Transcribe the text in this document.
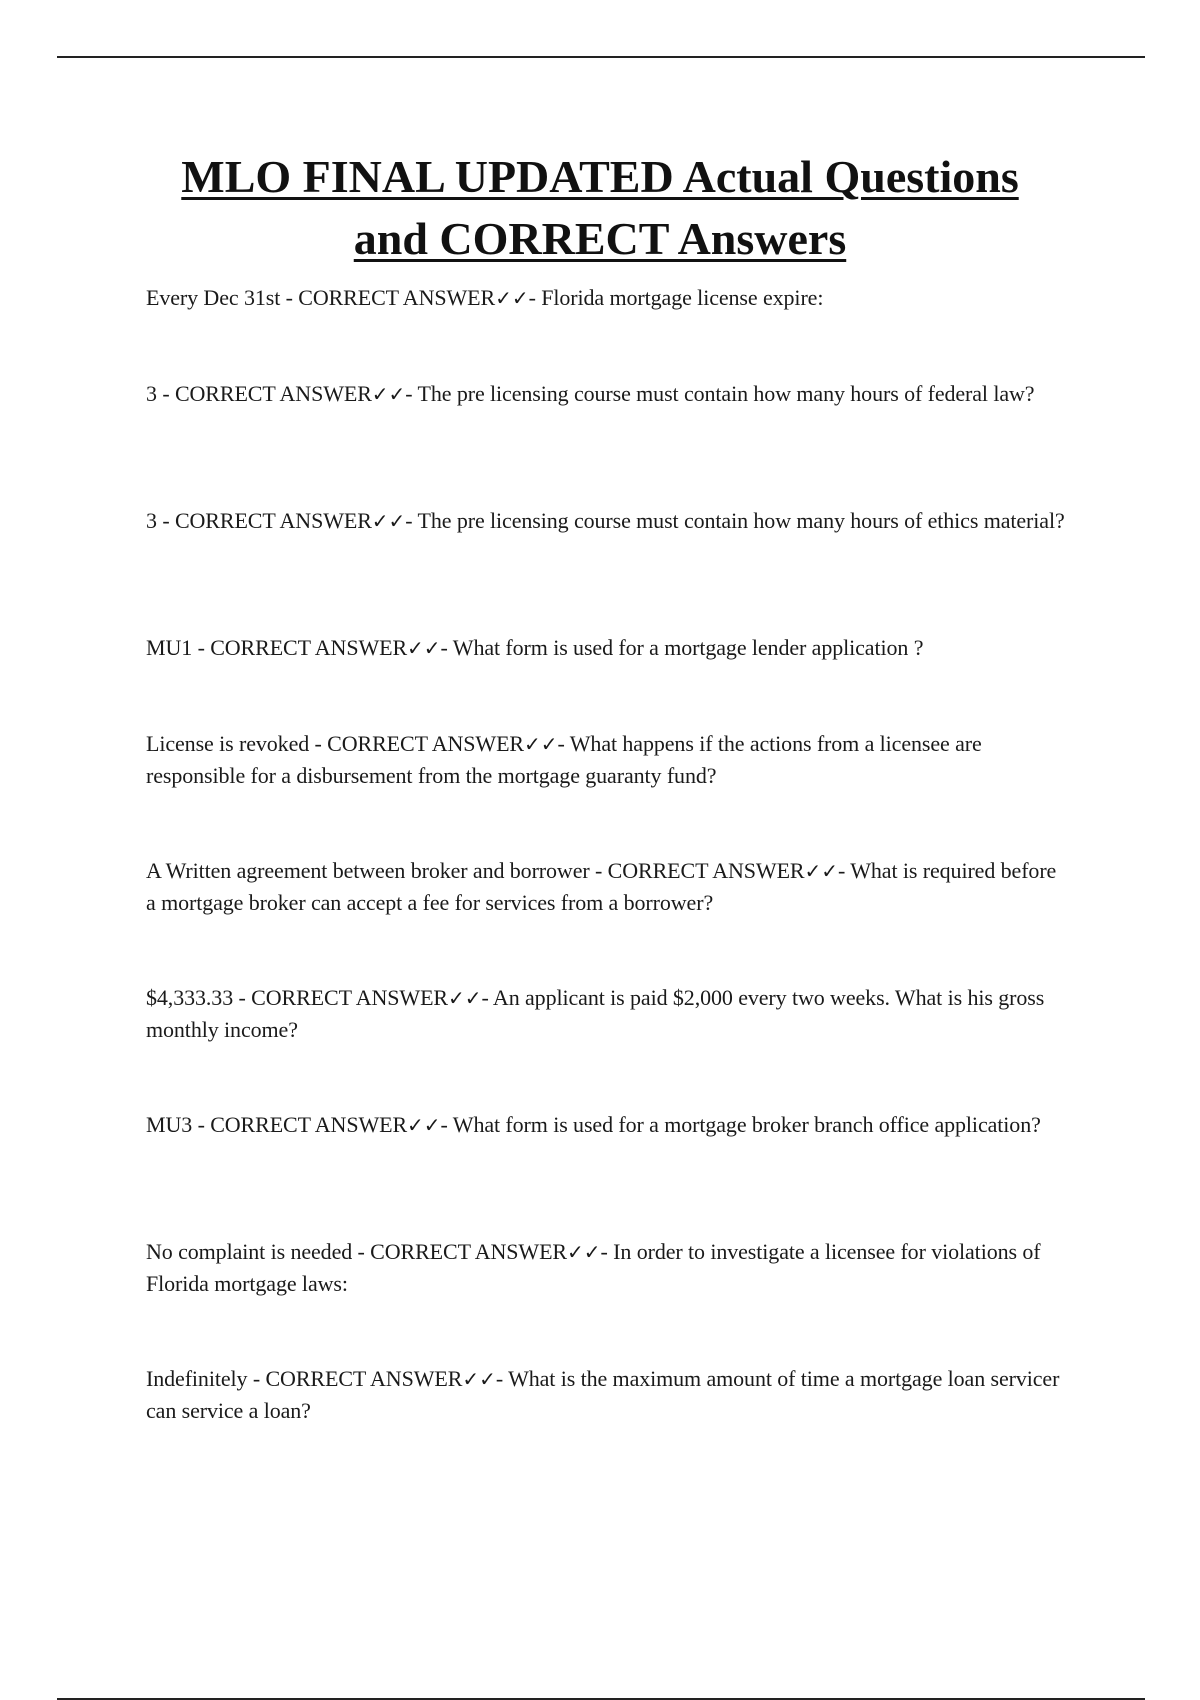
MLO FINAL UPDATED Actual Questions
and CORRECT Answers
Every Dec 31st - CORRECT ANSWER✓✓- Florida mortgage license expire:
3 - CORRECT ANSWER✓✓- The pre licensing course must contain how many hours of federal law?
3 - CORRECT ANSWER✓✓- The pre licensing course must contain how many hours of ethics material?
MU1 - CORRECT ANSWER✓✓- What form is used for a mortgage lender application ?
License is revoked - CORRECT ANSWER✓✓- What happens if the actions from a licensee are responsible for a disbursement from the mortgage guaranty fund?
A Written agreement between broker and borrower - CORRECT ANSWER✓✓- What is required before a mortgage broker can accept a fee for services from a borrower?
$4,333.33 - CORRECT ANSWER✓✓- An applicant is paid $2,000 every two weeks. What is his gross monthly income?
MU3 - CORRECT ANSWER✓✓- What form is used for a mortgage broker branch office application?
No complaint is needed - CORRECT ANSWER✓✓- In order to investigate a licensee for violations of Florida mortgage laws:
Indefinitely - CORRECT ANSWER✓✓- What is the maximum amount of time a mortgage loan servicer can service a loan?
